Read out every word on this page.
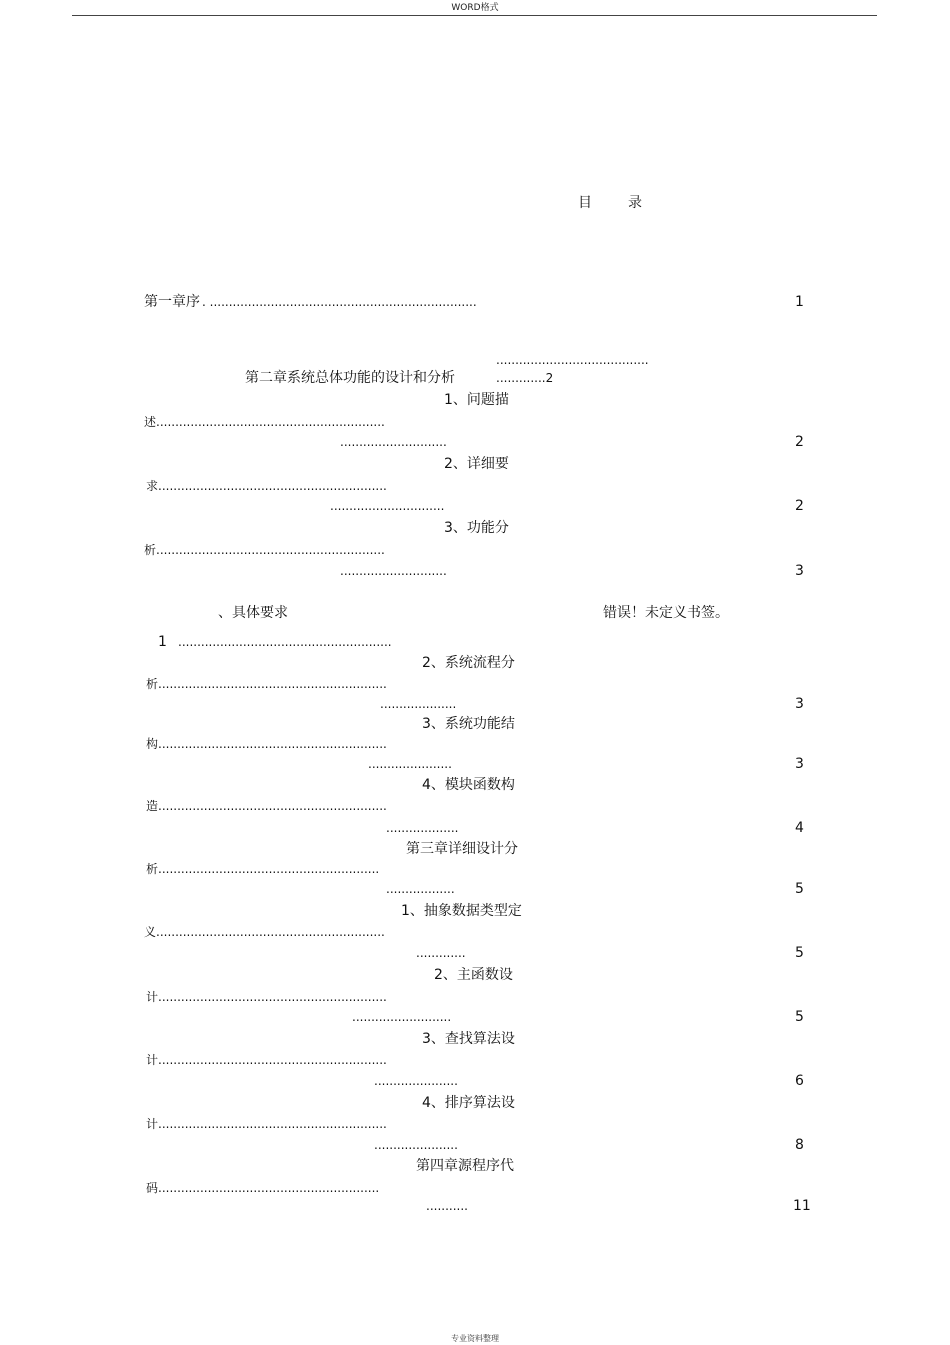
WORD格式
目	录
第一章序 . ......................................................................	1
........................................
第二章系统总体功能的设计和分析	.............2
1、问题描
述............................................................
............................	2
2、详细要
求............................................................
..............................	2
3、功能分
析............................................................
............................	3
、具体要求	错误！未定义书签。
1 ........................................................
2、系统流程分
析............................................................
....................	3
3、系统功能结
构............................................................
......................	3
4、模块函数构
造............................................................
...................	4
第三章详细设计分
析..........................................................
..................	5
1、抽象数据类型定
义............................................................
.............	5
2、主函数设
计............................................................
..........................	5
3、查找算法设
计............................................................
......................	6
4、排序算法设
计............................................................
......................	8
第四章源程序代
码..........................................................
...........	11
专业资料整理
